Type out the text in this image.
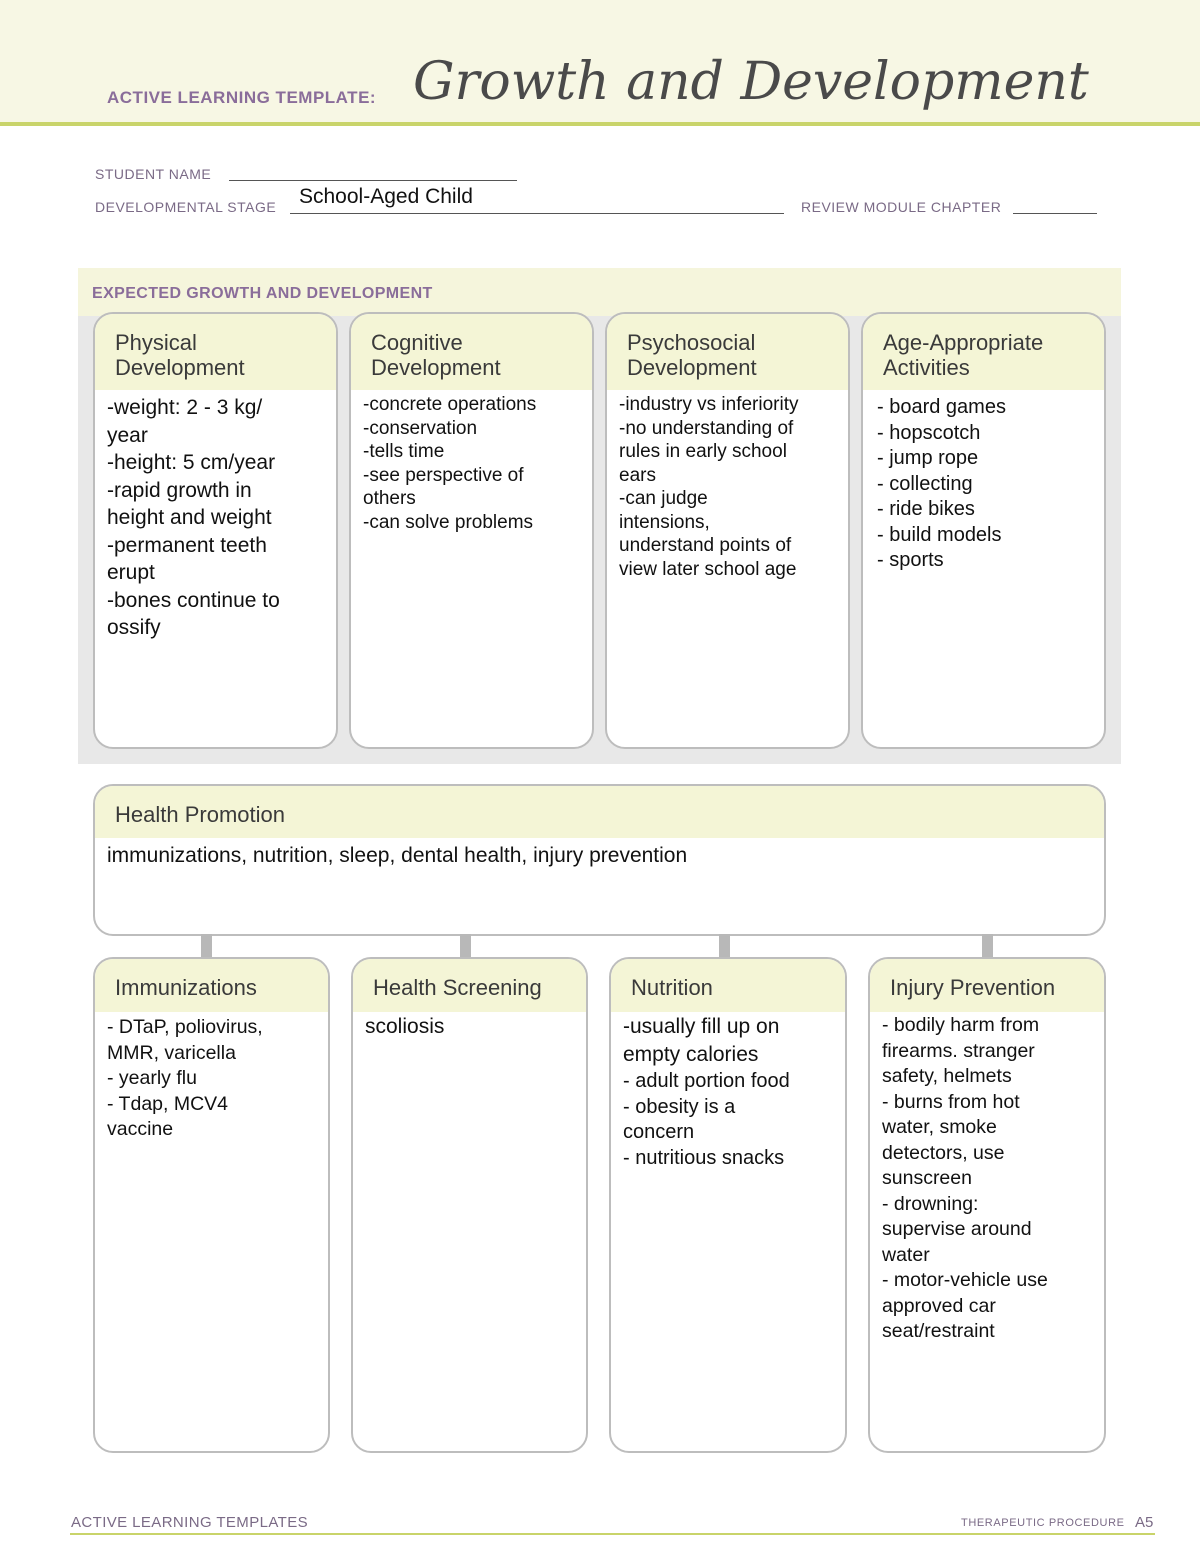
ACTIVE LEARNING TEMPLATE: Growth and Development
STUDENT NAME
DEVELOPMENTAL STAGE School-Aged Child	REVIEW MODULE CHAPTER
EXPECTED GROWTH AND DEVELOPMENT
Physical
Development
-weight: 2 - 3 kg/
year
-height: 5 cm/year
-rapid growth in
height and weight
-permanent teeth
erupt
-bones continue to
ossify
Cognitive
Development
-concrete operations
-conservation
-tells time
-see perspective of
others
-can solve problems
Psychosocial
Development
-industry vs inferiority
-no understanding of
rules in early school
ears
-can judge
intensions,
understand points of
view later school age
Age-Appropriate
Activities
- board games
- hopscotch
- jump rope
- collecting
- ride bikes
- build models
- sports
Health Promotion
immunizations, nutrition, sleep, dental health, injury prevention
Immunizations
- DTaP, poliovirus,
MMR, varicella
- yearly flu
- Tdap, MCV4
vaccine
Health Screening
scoliosis
Nutrition
-usually fill up on
empty calories
- adult portion food
- obesity is a
concern
- nutritious snacks
Injury Prevention
- bodily harm from
firearms. stranger
safety, helmets
- burns from hot
water, smoke
detectors, use
sunscreen
- drowning:
supervise around
water
- motor-vehicle use
approved car
seat/restraint
ACTIVE LEARNING TEMPLATES	THERAPEUTIC PROCEDURE A5
